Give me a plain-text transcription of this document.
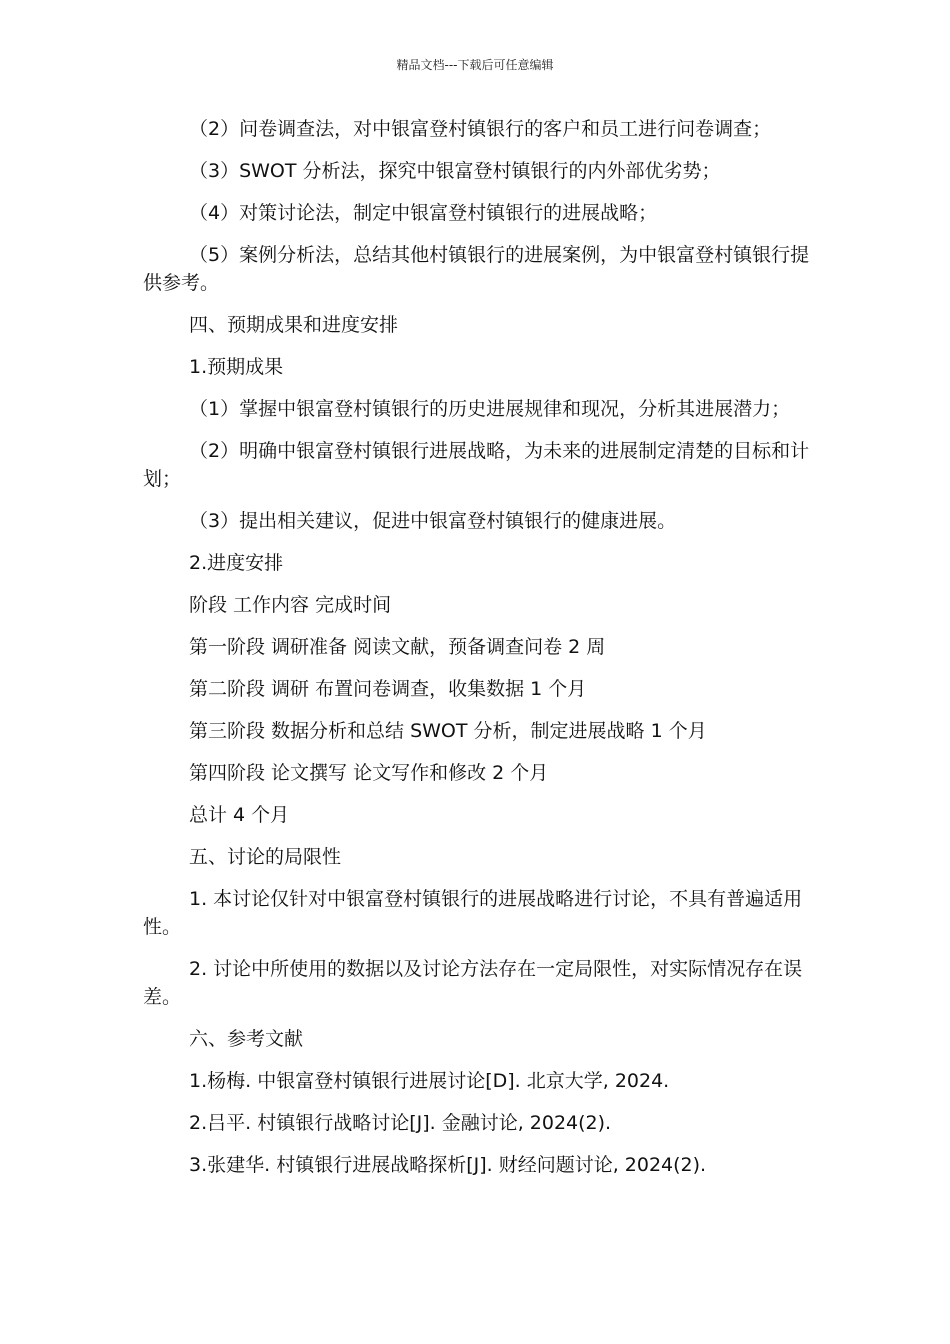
精品文档---下载后可任意编辑

（2）问卷调查法，对中银富登村镇银行的客户和员工进行问卷调查；

（3）SWOT 分析法，探究中银富登村镇银行的内外部优劣势；

（4）对策讨论法，制定中银富登村镇银行的进展战略；

（5）案例分析法，总结其他村镇银行的进展案例，为中银富登村镇银行提供参考。

四、预期成果和进度安排

1.预期成果

（1）掌握中银富登村镇银行的历史进展规律和现况，分析其进展潜力；

（2）明确中银富登村镇银行进展战略，为未来的进展制定清楚的目标和计划；

（3）提出相关建议，促进中银富登村镇银行的健康进展。

2.进度安排

阶段 工作内容 完成时间

第一阶段 调研准备 阅读文献，预备调查问卷 2 周

第二阶段 调研 布置问卷调查，收集数据 1 个月

第三阶段 数据分析和总结 SWOT 分析，制定进展战略 1 个月

第四阶段 论文撰写 论文写作和修改 2 个月

总计 4 个月

五、讨论的局限性

1. 本讨论仅针对中银富登村镇银行的进展战略进行讨论，不具有普遍适用性。

2. 讨论中所使用的数据以及讨论方法存在一定局限性，对实际情况存在误差。

六、参考文献

1.杨梅. 中银富登村镇银行进展讨论[D]. 北京大学, 2024.

2.吕平. 村镇银行战略讨论[J]. 金融讨论, 2024(2).

3.张建华. 村镇银行进展战略探析[J]. 财经问题讨论, 2024(2).
